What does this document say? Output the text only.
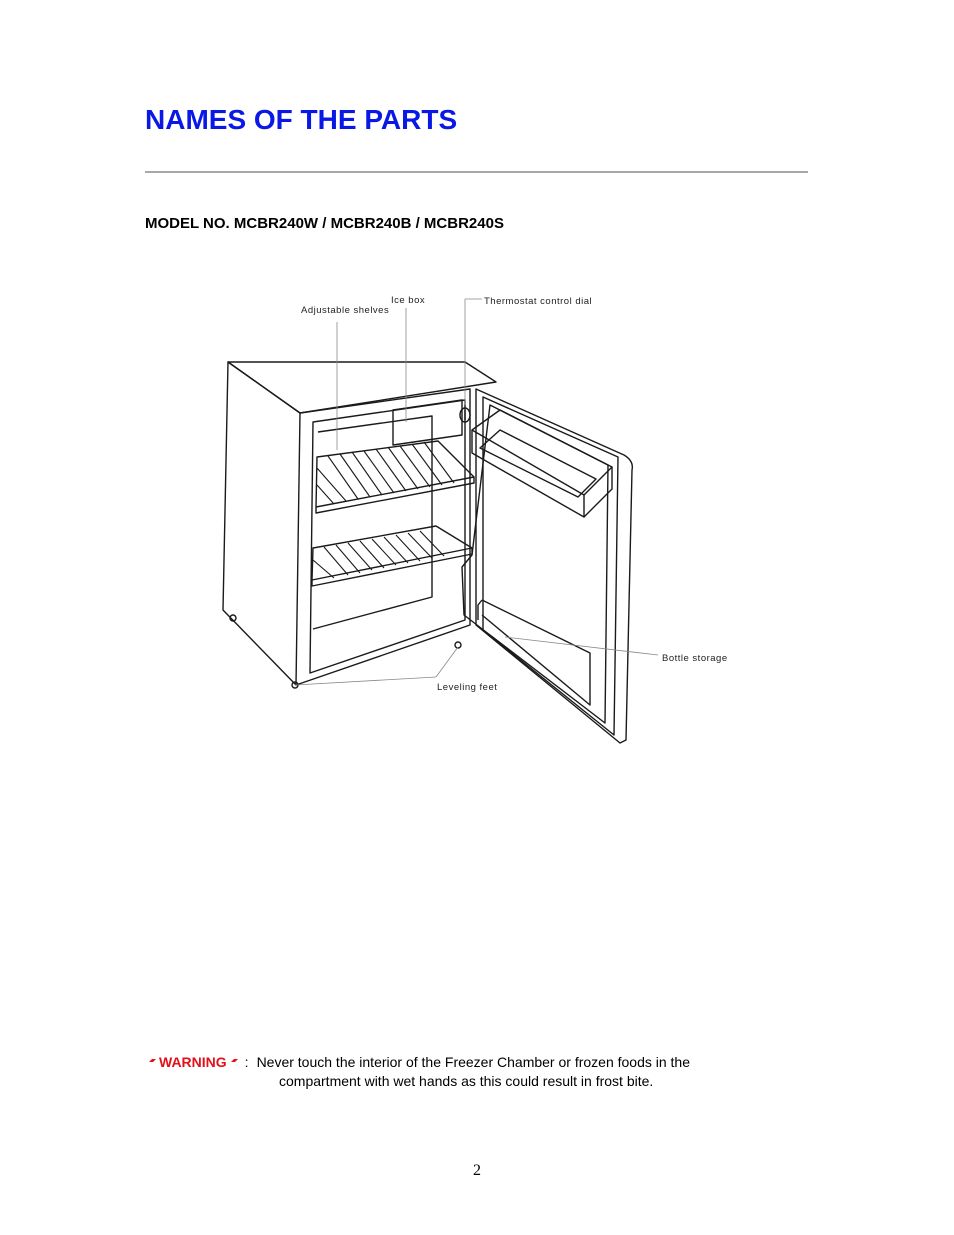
NAMES OF THE PARTS
MODEL NO. MCBR240W / MCBR240B / MCBR240S
Ice box
Adjustable shelves
Thermostat control dial
Bottle storage
Leveling feet
WARNING : Never touch the interior of the Freezer Chamber or frozen foods in the
compartment with wet hands as this could result in frost bite.
2
